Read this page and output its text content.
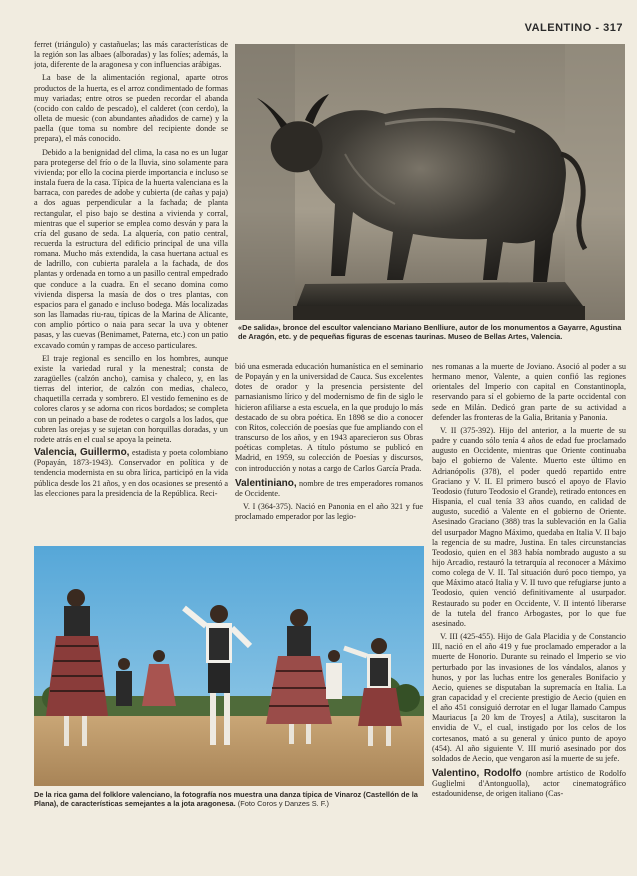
VALENTINO - 317

ferret (triángulo) y castañuelas; las más características de la región son las albaes (alboradas) y las folíes; además, la jota, diferente de la aragonesa y con influencias arábigas.

La base de la alimentación regional, aparte otros productos de la huerta, es el arroz condimentado de formas muy variadas; entre otros se pueden recordar el abanda (cocido con caldo de pescado), el calderet (con cerdo), la olleta de muesic (con abundantes añadidos de carne) y la paella (que toma su nombre del recipiente donde se prepara), el más conocido.

Debido a la benignidad del clima, la casa no es un lugar para protegerse del frío o de la lluvia, sino solamente para vivienda; por ello la cocina pierde importancia e incluso se instala fuera de la casa. Típica de la huerta valenciana es la barraca, con paredes de adobe y cubierta (de cañas y paja) a dos aguas perpendicular a la fachada; de planta rectangular, el piso bajo se destina a vivienda y corral, mientras que el superior se emplea como desván y para la cría del gusano de seda. La alquería, con patio central, recuerda la estructura del edificio principal de una villa romana. Mucho más extendida, la casa huertana actual es de ladrillo, con cubierta paralela a la fachada, de dos plantas y ordenada en torno a un pasillo central empedrado que conduce a la cuadra. En el secano domina como vivienda dispersa la masía de dos o tres plantas, con espacios para el ganado e incluso bodega. Más localizadas son las llamadas riu-rau, típicas de la Marina de Alicante, con amplio pórtico o naia para secar la uva y obtener pasas, y las cuevas (Benimamet, Paterna, etc.) con un patio excavado común y rampas de acceso particulares.

El traje regional es sencillo en los hombres, aunque existe la variedad rural y la menestral; consta de zaragüelles (calzón ancho), camisa y chaleco, y, en las tierras del interior, de calzón con medias, chaleco, chaquetilla cerrada y sombrero. El vestido femenino es de colores claros y se adorna con ricos bordados; se completa con un peinado a base de rodetes o cargols a los lados, que cubren las orejas y se sujetan con horquillas doradas, y un rodete atrás en el cual se apoya la peineta.

Valencia, Guillermo, estadista y poeta colombiano (Popayán, 1873-1943). Conservador en política y de tendencia modernista en su obra lírica, participó en la vida pública desde los 21 años, y en dos ocasiones se presentó a las elecciones para la presidencia de la República. Reci-

«De salida», bronce del escultor valenciano Mariano Benlliure, autor de los monumentos a Gayarre, Agustina de Aragón, etc. y de pequeñas figuras de escenas taurinas. Museo de Bellas Artes, Valencia.

bió una esmerada educación humanística en el seminario de Popayán y en la universidad de Cauca. Sus excelentes dotes de orador y la presencia persistente del parnasianismo lírico y del modernismo de fin de siglo le hicieron afiliarse a esta escuela, en la que produjo lo más destacado de su obra poética. En 1898 se dio a conocer con Ritos, colección de poesías que fue ampliando con el transcurso de los años, y en 1943 aparecieron sus Obras poéticas completas. A título póstumo se publicó en Madrid, en 1959, su colección de Poesías y discursos, con introducción y notas a cargo de Carlos García Prada.

Valentiniano, nombre de tres emperadores romanos de Occidente.

V. I (364-375). Nació en Panonia en el año 321 y fue proclamado emperador por las legio-

nes romanas a la muerte de Joviano. Asoció al poder a su hermano menor, Valente, a quien confió las regiones orientales del Imperio con capital en Constantinopla, reservando para sí el gobierno de la parte occidental con sede en Milán. Dedicó gran parte de su actividad a defender las fronteras de la Galia, Britania y Panonia.

V. II (375-392). Hijo del anterior, a la muerte de su padre y cuando sólo tenía 4 años de edad fue proclamado augusto en Occidente, mientras que Oriente continuaba bajo el gobierno de Valente. Muerto este último en Adrianópolis (378), el poder quedó repartido entre Graciano y V. II. El primero buscó el apoyo de Flavio Teodosio (futuro Teodosio el Grande), retirado entonces en Hispania, el cual tenía 33 años cuando, en calidad de augusto, sucedió a Valente en el gobierno de Oriente. Asesinado Graciano (388) tras la sublevación en la Galia del usurpador Magno Máximo, quedaba en Italia V. II bajo la regencia de su madre, Justina. En tales circunstancias Teodosio, quien en el 383 había nombrado augusto a su hijo Arcadio, restauró la tetrarquía al reconocer a Máximo como colega de V. II. Tal situación duró poco tiempo, ya que Máximo atacó Italia y V. II tuvo que refugiarse junto a Teodosio, quien venció definitivamente al usurpador. Restaurado su poder en Occidente, V. II intentó liberarse de la tutela del franco Arbogastes, por lo que fue asesinado.

V. III (425-455). Hijo de Gala Placidia y de Constancio III, nació en el año 419 y fue proclamado emperador a la muerte de Honorio. Durante su reinado el Imperio se vio perturbado por las invasiones de los vándalos, alanos y hunos, y por las luchas entre los generales Bonifacio y Aecio, quienes se disputaban la supremacía en Italia. La gran capacidad y el creciente prestigio de Aecio (quien en el año 451 consiguió derrotar en el lugar llamado Campus Mauriacus [a 20 km de Troyes] a Atila), suscitaron la envidia de V., el cual, instigado por los celos de los cortesanos, mató a su general y único punto de apoyo (454). Al año siguiente V. III murió asesinado por dos soldados de Aecio, que vengaron así la muerte de su jefe.

Valentino, Rodolfo (nombre artístico de Rodolfo Guglielmi d'Antonguolla), actor cinematográfico estadounidense, de origen italiano (Cas-

De la rica gama del folklore valenciano, la fotografía nos muestra una danza típica de Vinaroz (Castellón de la Plana), de características semejantes a la jota aragonesa. (Foto Coros y Danzes S. F.)
